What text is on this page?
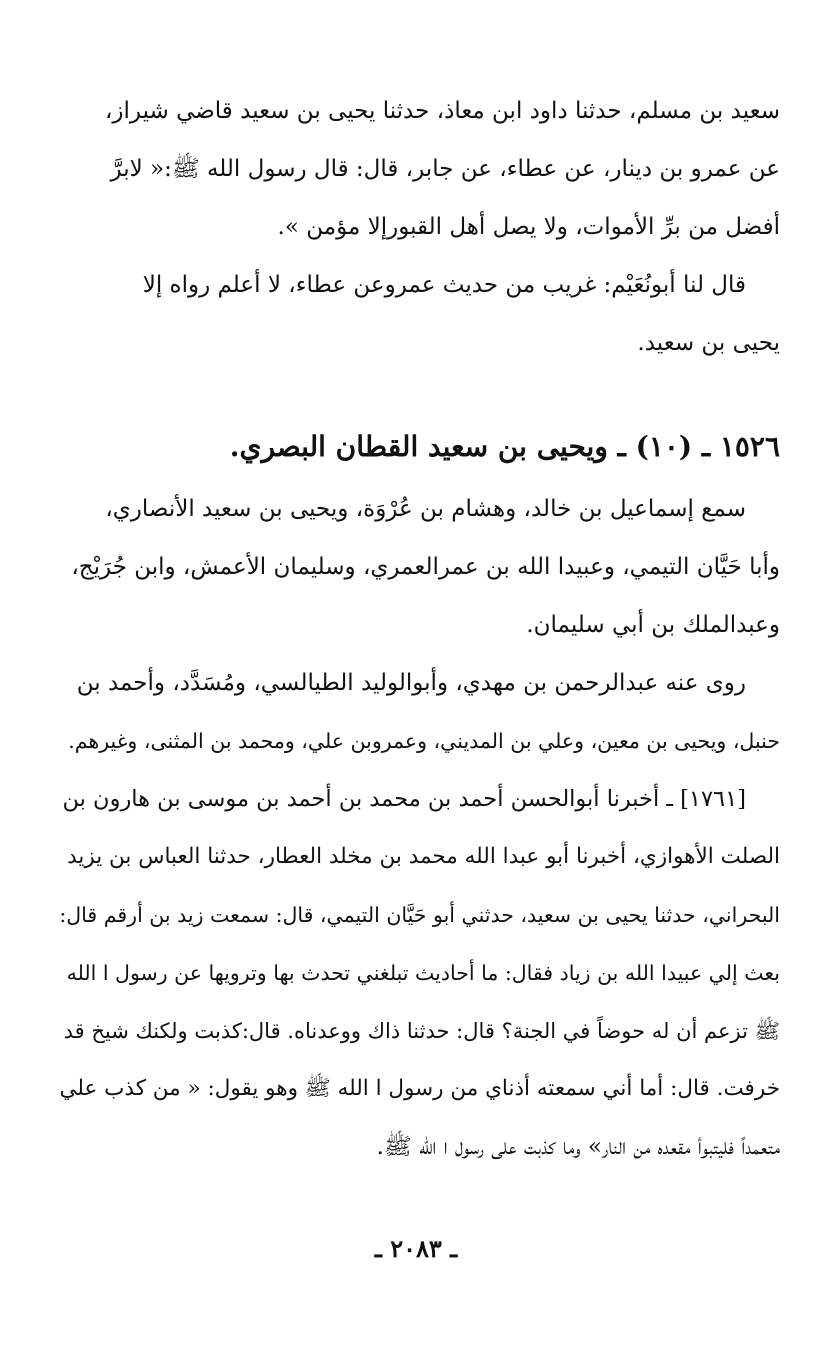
سعيد بن مسلم، حدثنا داود ابن معاذ، حدثنا يحيى بن سعيد قاضي شيراز،
عن عمرو بن دينار، عن عطاء، عن جابر، قال: قال رسول الله ﷺ:« لابرَّ
أفضل من برِّ الأموات، ولا يصل أهل القبورإلا مؤمن ».
قال لنا أبونُعَيْم: غريب من حديث عمروعن عطاء، لا أعلم رواه إلا
يحيى بن سعيد.
١٥٢٦ ـ (١٠) ـ ويحيى بن سعيد القطان البصري.
سمع إسماعيل بن خالد، وهشام بن عُرْوَة، ويحيى بن سعيد الأنصاري،
وأبا حَيَّان التيمي، وعبيدا الله بن عمرالعمري، وسليمان الأعمش، وابن جُرَيْج،
وعبدالملك بن أبي سليمان.
روى عنه عبدالرحمن بن مهدي، وأبوالوليد الطيالسي، ومُسَدَّد، وأحمد بن
حنبل، ويحيى بن معين، وعلي بن المديني، وعمروبن علي، ومحمد بن المثنى، وغيرهم.
[١٧٦١] ـ أخبرنا أبوالحسن أحمد بن محمد بن أحمد بن موسى بن هارون بن
الصلت الأهوازي، أخبرنا أبو عبدا الله محمد بن مخلد العطار، حدثنا العباس بن يزيد
البحراني، حدثنا يحيى بن سعيد، حدثني أبو حَيَّان التيمي، قال: سمعت زيد بن أرقم قال:
بعث إلي عبيدا الله بن زياد فقال: ما أحاديث تبلغني تحدث بها وترويها عن رسول ا الله
ﷺ تزعم أن له حوضاً في الجنة؟ قال: حدثنا ذاك ووعدناه. قال:كذبت ولكنك شيخ قد
خرفت. قال: أما أني سمعته أذناي من رسول ا الله ﷺ وهو يقول: « من كذب علي
متعمداً فليتبوأ مقعده من النار» وما كذبت على رسول ا الله ﷺ.
ـ ٢٠٨٣ ـ
